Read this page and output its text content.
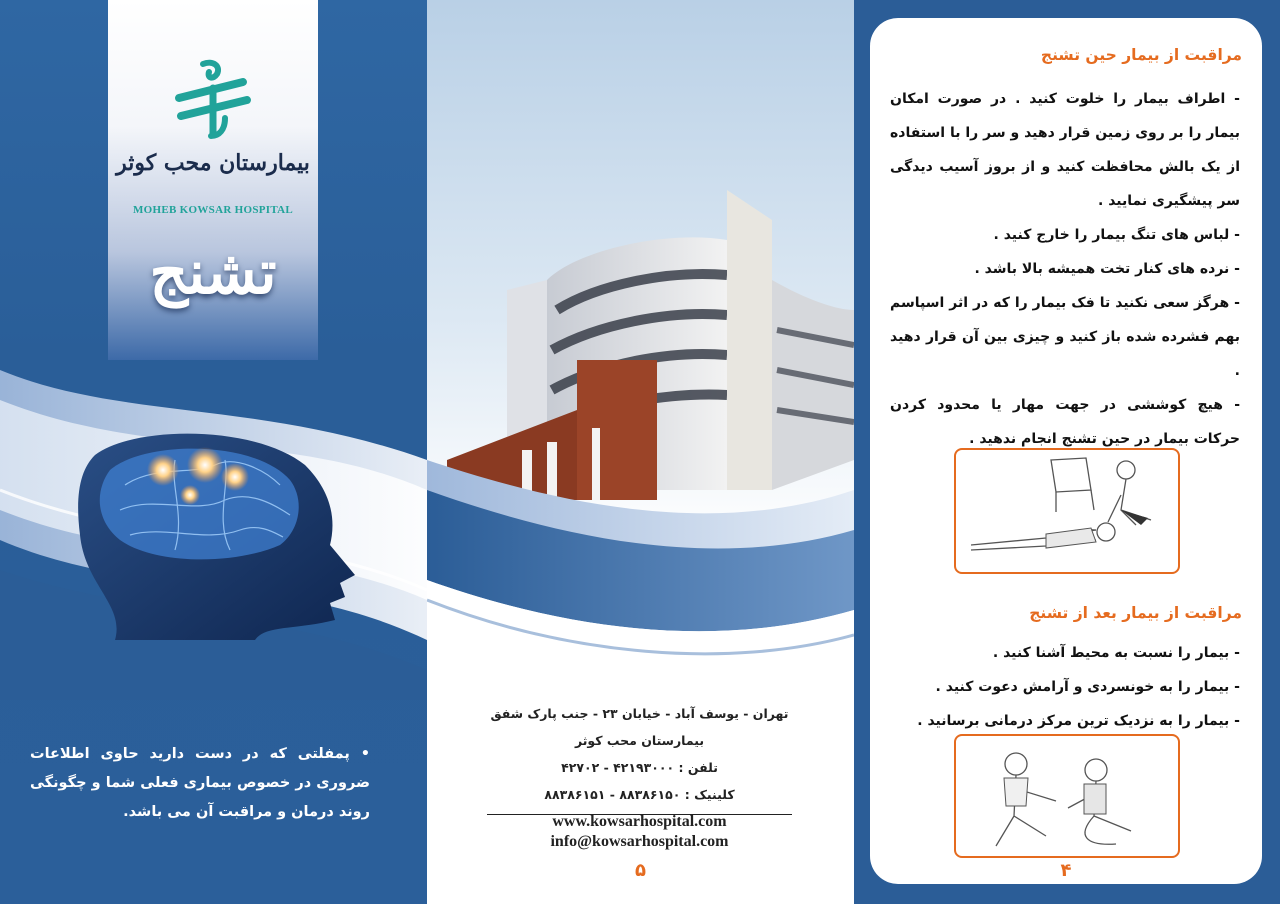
بیمارستان محب کوثر
MOHEB KOWSAR HOSPITAL
تشنج
• پمفلتی که در دست دارید حاوی اطلاعات ضروری در خصوص بیماری فعلی شما و چگونگی روند درمان و مراقبت آن می باشد.
تهران - یوسف آباد - خیابان ۲۳ - جنب پارک شفق
بیمارستان محب کوثر
تلفن : ۴۲۱۹۳۰۰۰ - ۴۲۷۰۲
کلینیک : ۸۸۳۸۶۱۵۰ - ۸۸۳۸۶۱۵۱
www.kowsarhospital.com
info@kowsarhospital.com
۵
مراقبت از بیمار حین تشنج

- اطراف بیمار را خلوت کنید . در صورت امکان بیمار را بر روی زمین قرار دهید و سر را با استفاده از یک بالش محافظت کنید و از بروز آسیب دیدگی سر پیشگیری نمایید .

- لباس های تنگ بیمار را خارج کنید .

- نرده های کنار تخت همیشه بالا باشد .

- هرگز سعی نکنید تا فک بیمار را که در اثر اسپاسم بهم فشرده شده باز کنید و چیزی بین آن قرار دهید .

- هیچ کوششی در جهت مهار یا محدود کردن حرکات بیمار در حین تشنج انجام ندهید .

مراقبت از بیمار بعد از تشنج

- بیمار را نسبت به محیط آشنا کنید .

- بیمار را به خونسردی و آرامش دعوت کنید .

- بیمار را به نزدیک ترین مرکز درمانی برسانید .

۴
